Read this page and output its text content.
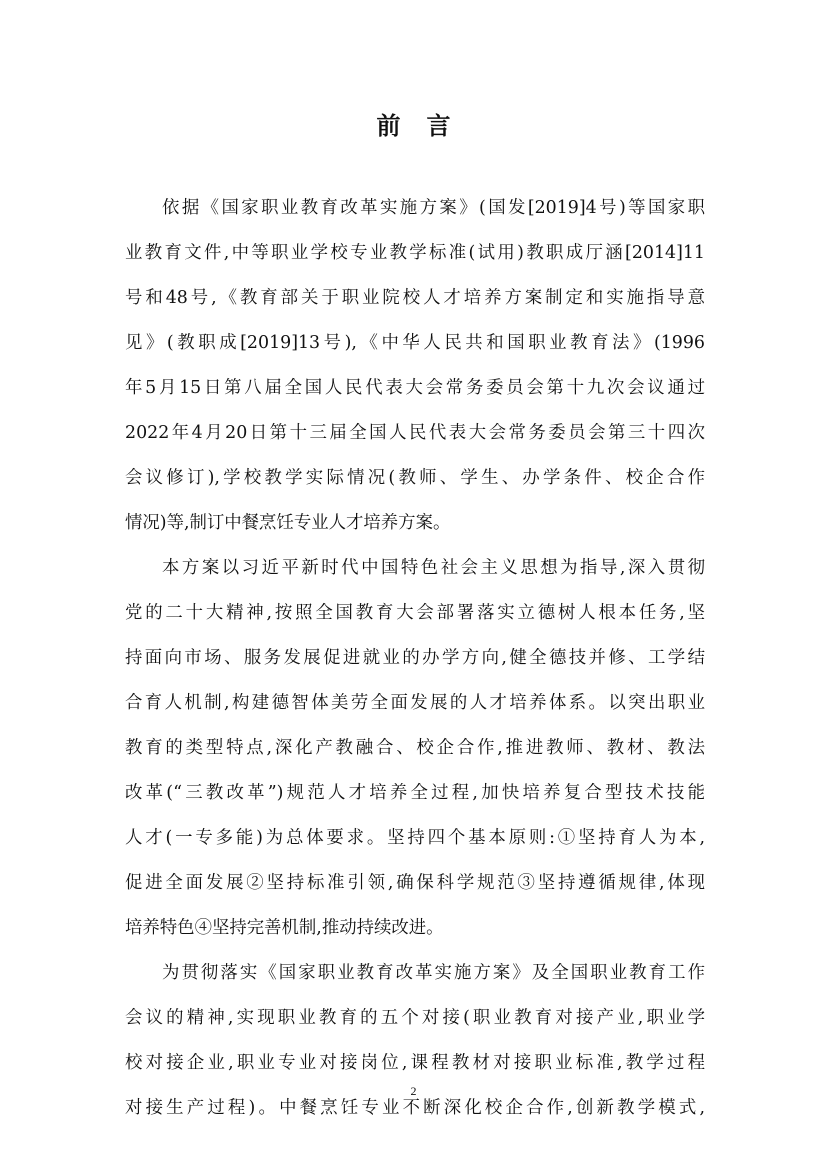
前言
依据《国家职业教育改革实施方案》(国发[2019]4号)等国家职
业教育文件,中等职业学校专业教学标准(试用)教职成厅涵[2014]11
号和48号,《教育部关于职业院校人才培养方案制定和实施指导意
见》(教职成[2019]13号),《中华人民共和国职业教育法》(1996
年5月15日第八届全国人民代表大会常务委员会第十九次会议通过
2022年4月20日第十三届全国人民代表大会常务委员会第三十四次
会议修订),学校教学实际情况(教师、学生、办学条件、校企合作
情况)等,制订中餐烹饪专业人才培养方案。
本方案以习近平新时代中国特色社会主义思想为指导,深入贯彻
党的二十大精神,按照全国教育大会部署落实立德树人根本任务,坚
持面向市场、服务发展促进就业的办学方向,健全德技并修、工学结
合育人机制,构建德智体美劳全面发展的人才培养体系。以突出职业
教育的类型特点,深化产教融合、校企合作,推进教师、教材、教法
改革(“三教改革”)规范人才培养全过程,加快培养复合型技术技能
人才(一专多能)为总体要求。坚持四个基本原则:①坚持育人为本,
促进全面发展②坚持标准引领,确保科学规范③坚持遵循规律,体现
培养特色④坚持完善机制,推动持续改进。
为贯彻落实《国家职业教育改革实施方案》及全国职业教育工作
会议的精神,实现职业教育的五个对接(职业教育对接产业,职业学
校对接企业,职业专业对接岗位,课程教材对接职业标准,教学过程
对接生产过程)。中餐烹饪专业不断深化校企合作,创新教学模式,
2
